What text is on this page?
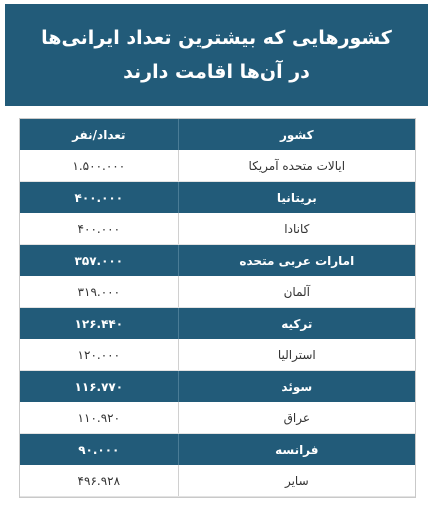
کشورهایی که بیشترین تعداد ایرانی‌ها در آن‌ها اقامت دارند
کشور	تعداد/نفر
ایالات متحده آمریکا	۱.۵۰۰.۰۰۰
بریتانیا	۴۰۰.۰۰۰
کانادا	۴۰۰.۰۰۰
امارات عربی متحده	۳۵۷.۰۰۰
آلمان	۳۱۹.۰۰۰
ترکیه	۱۲۶.۴۴۰
استرالیا	۱۲۰.۰۰۰
سوئد	۱۱۶.۷۷۰
عراق	۱۱۰.۹۲۰
فرانسه	۹۰.۰۰۰
سایر	۴۹۶.۹۲۸
